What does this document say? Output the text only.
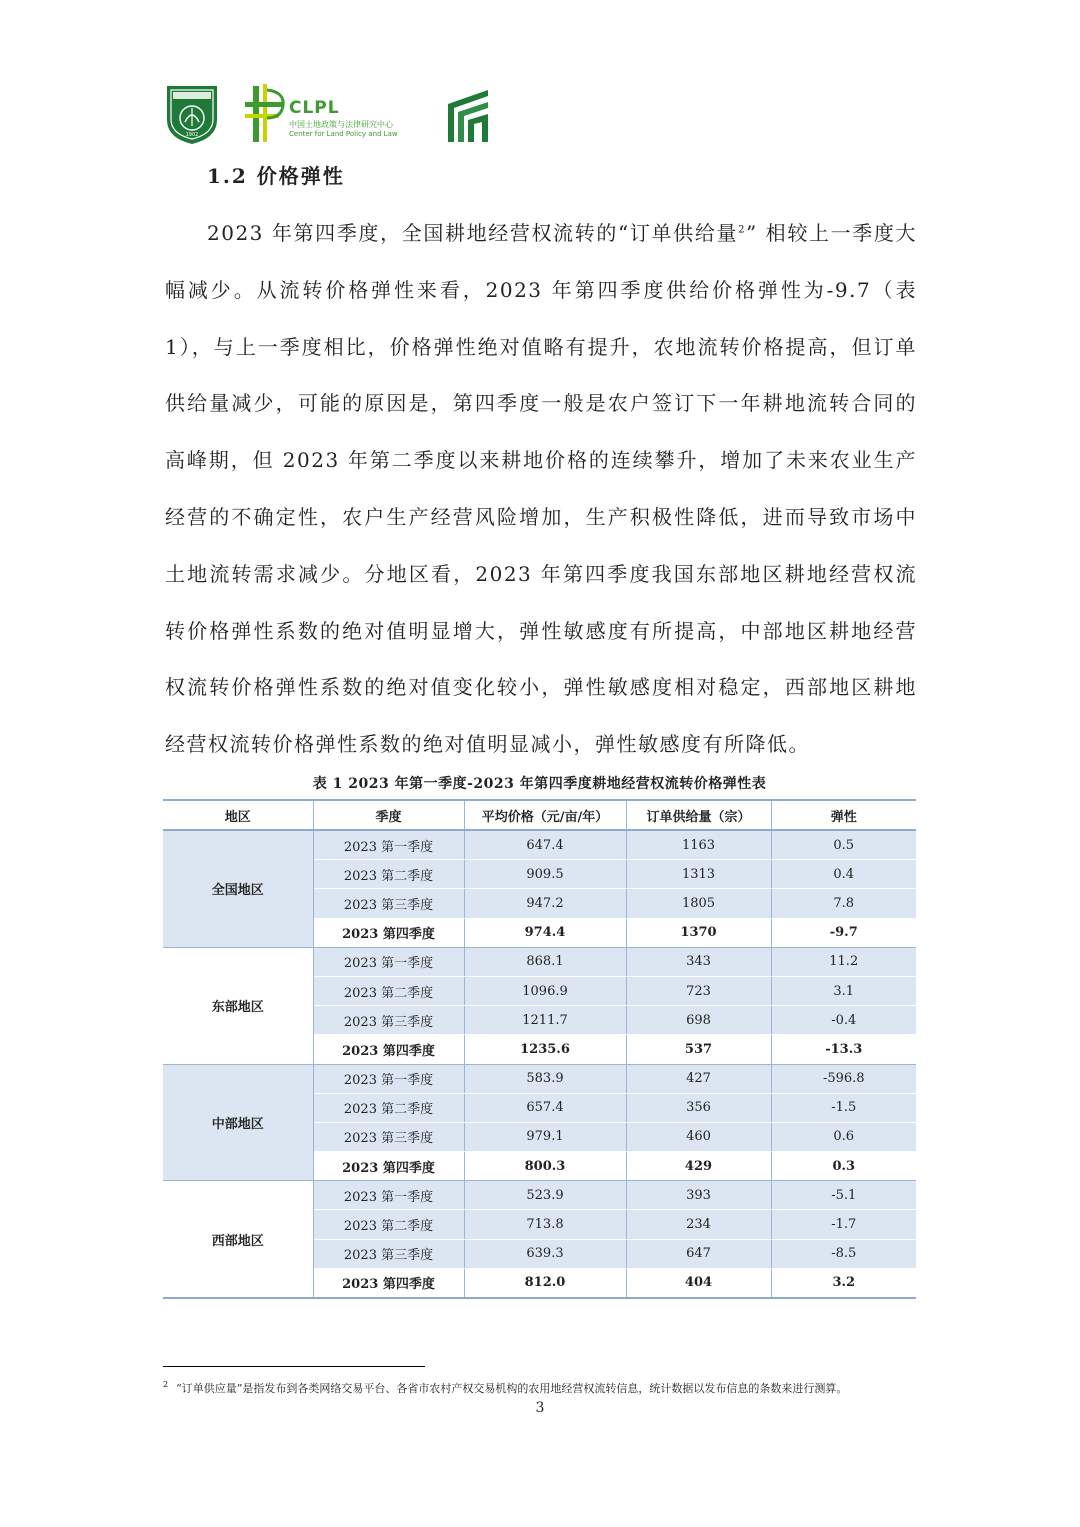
1902
CLPL
中国土地政策与法律研究中心
Center for Land Policy and Law
1.2 价格弹性

2023 年第四季度，全国耕地经营权流转的“订单供给量$^2$” 相较上一季度大幅减少。从流转价格弹性来看，2023 年第四季度供给价格弹性为-9.7（表 1），与上一季度相比，价格弹性绝对值略有提升，农地流转价格提高，但订单供给量减少，可能的原因是，第四季度一般是农户签订下一年耕地流转合同的高峰期，但 2023 年第二季度以来耕地价格的连续攀升，增加了未来农业生产经营的不确定性，农户生产经营风险增加，生产积极性降低，进而导致市场中土地流转需求减少。分地区看，2023 年第四季度我国东部地区耕地经营权流转价格弹性系数的绝对值明显增大，弹性敏感度有所提高，中部地区耕地经营权流转价格弹性系数的绝对值变化较小，弹性敏感度相对稳定，西部地区耕地经营权流转价格弹性系数的绝对值明显减小，弹性敏感度有所降低。

表 1 2023 年第一季度-2023 年第四季度耕地经营权流转价格弹性表
地区	季度	平均价格（元/亩/年）	订单供给量（宗）	弹性
全国地区	2023 第一季度	647.4	1163	0.5
	2023 第二季度	909.5	1313	0.4
	2023 第三季度	947.2	1805	7.8
	2023 第四季度	974.4	1370	-9.7
东部地区	2023 第一季度	868.1	343	11.2
	2023 第二季度	1096.9	723	3.1
	2023 第三季度	1211.7	698	-0.4
	2023 第四季度	1235.6	537	-13.3
中部地区	2023 第一季度	583.9	427	-596.8
	2023 第二季度	657.4	356	-1.5
	2023 第三季度	979.1	460	0.6
	2023 第四季度	800.3	429	0.3
西部地区	2023 第一季度	523.9	393	-5.1
	2023 第二季度	713.8	234	-1.7
	2023 第三季度	639.3	647	-8.5
	2023 第四季度	812.0	404	3.2
$^2$ “订单供应量”是指发布到各类网络交易平台、各省市农村产权交易机构的农用地经营权流转信息，统计数据以发布信息的条数来进行测算。
3
